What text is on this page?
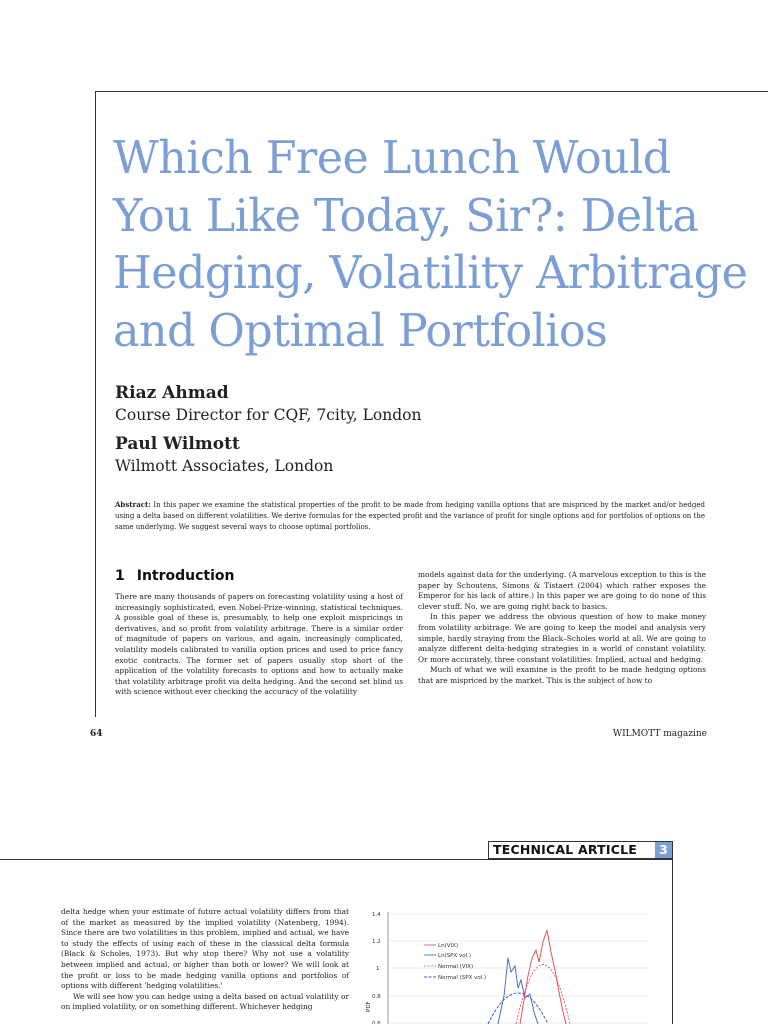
Which Free Lunch Would
You Like Today, Sir?: Delta
Hedging, Volatility Arbitrage
and Optimal Portfolios

Riaz Ahmad

Course Director for CQF, 7city, London

Paul Wilmott

Wilmott Associates, London

Abstract: In this paper we examine the statistical properties of the profit to be made from hedging vanilla options that are mispriced by the market and/or hedged using a delta based on different volatilities. We derive formulas for the expected profit and the variance of profit for single options and for portfolios of options on the same underlying. We suggest several ways to choose optimal portfolios.

1 Introduction

There are many thousands of papers on forecasting volatility using a host of increasingly sophisticated, even Nobel-Prize-winning, statistical techniques. A possible goal of these is, presumably, to help one exploit mispricings in derivatives, and so profit from volatility arbitrage. There is a similar order of magnitude of papers on various, and again, increasingly complicated, volatility models calibrated to vanilla option prices and used to price fancy exotic contracts. The former set of papers usually stop short of the application of the volatility forecasts to options and how to actually make that volatility arbitrage profit via delta hedging. And the second set blind us with science without ever checking the accuracy of the volatility

models against data for the underlying. (A marvelous exception to this is the paper by Schoutens, Simons & Tistaert (2004) which rather exposes the Emperor for his lack of attire.) In this paper we are going to do none of this clever stuff. No, we are going right back to basics.

In this paper we address the obvious question of how to make money from volatility arbitrage. We are going to keep the model and analysis very simple, hardly straying from the Black–Scholes world at all. We are going to analyze different delta-hedging strategies in a world of constant volatility. Or more accurately, three constant volatilities: Implied, actual and hedging.

Much of what we will examine is the profit to be made hedging options that are mispriced by the market. This is the subject of how to

64	WILMOTT magazine

TECHNICAL ARTICLE	3

delta hedge when your estimate of future actual volatility differs from that of the market as measured by the implied volatility (Natenberg, 1994). Since there are two volatilities in this problem, implied and actual, we have to study the effects of using each of these in the classical delta formula (Black & Scholes, 1973). But why stop there? Why not use a volatility between implied and actual, or higher than both or lower? We will look at the profit or loss to be made hedging vanilla options and portfolios of options with different 'hedging volatilities.'

We will see how you can hedge using a delta based on actual volatility or on implied volatility, or on something different. Whichever hedging

1.4
1.2
1
0.8
0.6
PDF
Ln(VIX)
Ln(SPX vol.)
Normal (VIX)
Normal (SPX vol.)
